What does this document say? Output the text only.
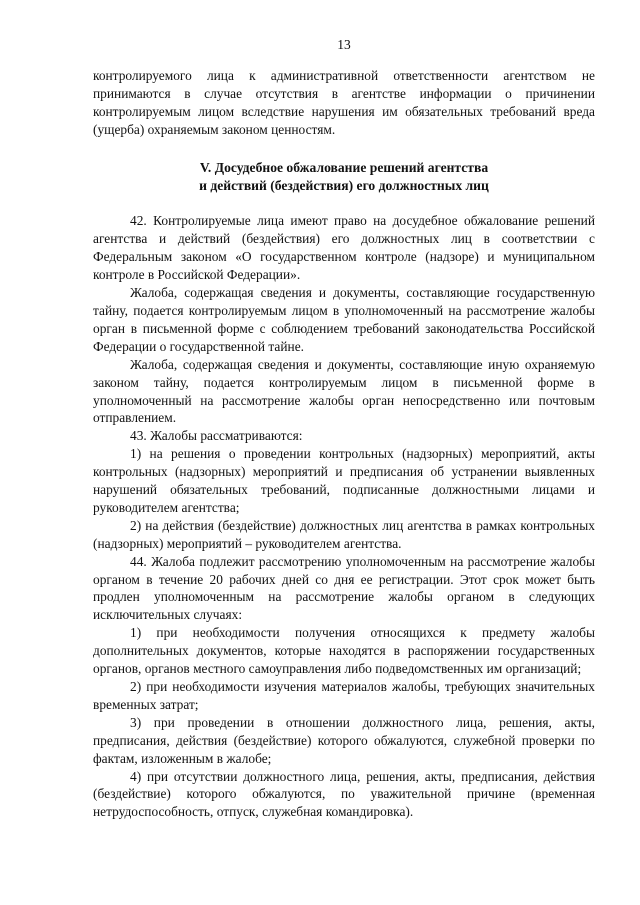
13

контролируемого лица к административной ответственности агентством не принимаются в случае отсутствия в агентстве информации о причинении контролируемым лицом вследствие нарушения им обязательных требований вреда (ущерба) охраняемым законом ценностям.

V. Досудебное обжалование решений агентства
и действий (бездействия) его должностных лиц

42. Контролируемые лица имеют право на досудебное обжалование решений агентства и действий (бездействия) его должностных лиц в соответствии с Федеральным законом «О государственном контроле (надзоре) и муниципальном контроле в Российской Федерации».

Жалоба, содержащая сведения и документы, составляющие государственную тайну, подается контролируемым лицом в уполномоченный на рассмотрение жалобы орган в письменной форме с соблюдением требований законодательства Российской Федерации о государственной тайне.

Жалоба, содержащая сведения и документы, составляющие иную охраняемую законом тайну, подается контролируемым лицом в письменной форме в уполномоченный на рассмотрение жалобы орган непосредственно или почтовым отправлением.

43. Жалобы рассматриваются:

1) на решения о проведении контрольных (надзорных) мероприятий, акты контрольных (надзорных) мероприятий и предписания об устранении выявленных нарушений обязательных требований, подписанные должностными лицами и руководителем агентства;

2) на действия (бездействие) должностных лиц агентства в рамках контрольных (надзорных) мероприятий – руководителем агентства.

44. Жалоба подлежит рассмотрению уполномоченным на рассмотрение жалобы органом в течение 20 рабочих дней со дня ее регистрации. Этот срок может быть продлен уполномоченным на рассмотрение жалобы органом в следующих исключительных случаях:

1) при необходимости получения относящихся к предмету жалобы дополнительных документов, которые находятся в распоряжении государственных органов, органов местного самоуправления либо подведомственных им организаций;

2) при необходимости изучения материалов жалобы, требующих значительных временных затрат;

3) при проведении в отношении должностного лица, решения, акты, предписания, действия (бездействие) которого обжалуются, служебной проверки по фактам, изложенным в жалобе;

4) при отсутствии должностного лица, решения, акты, предписания, действия (бездействие) которого обжалуются, по уважительной причине (временная нетрудоспособность, отпуск, служебная командировка).
